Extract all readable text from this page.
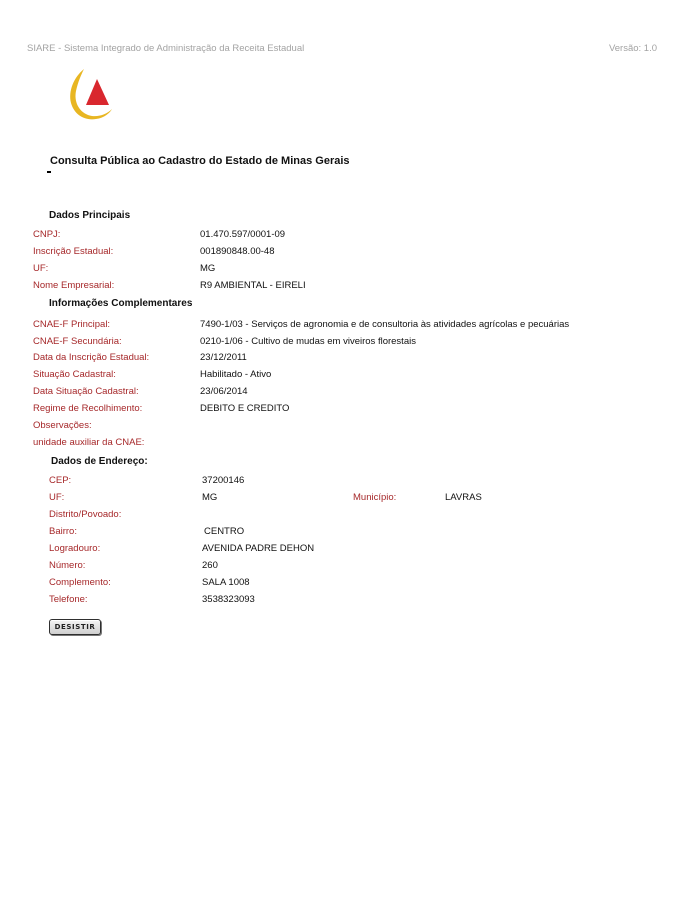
SIARE - Sistema Integrado de Administração da Receita Estadual	Versão: 1.0
Consulta Pública ao Cadastro do Estado de Minas Gerais
Dados Principais
CNPJ:	01.470.597/0001-09
Inscrição Estadual:	001890848.00-48
UF:	MG
Nome Empresarial:	R9 AMBIENTAL - EIRELI
Informações Complementares
CNAE-F Principal:	7490-1/03 - Serviços de agronomia e de consultoria às atividades agrícolas e pecuárias
CNAE-F Secundária:	0210-1/06 - Cultivo de mudas em viveiros florestais
Data da Inscrição Estadual:	23/12/2011
Situação Cadastral:	Habilitado - Ativo
Data Situação Cadastral:	23/06/2014
Regime de Recolhimento:	DEBITO E CREDITO
Observações:
unidade auxiliar da CNAE:
Dados de Endereço:
CEP:	37200146
UF:	MG	Município:	LAVRAS
Distrito/Povoado:
Bairro:	CENTRO
Logradouro:	AVENIDA PADRE DEHON
Número:	260
Complemento:	SALA 1008
Telefone:	3538323093
DESISTIR
